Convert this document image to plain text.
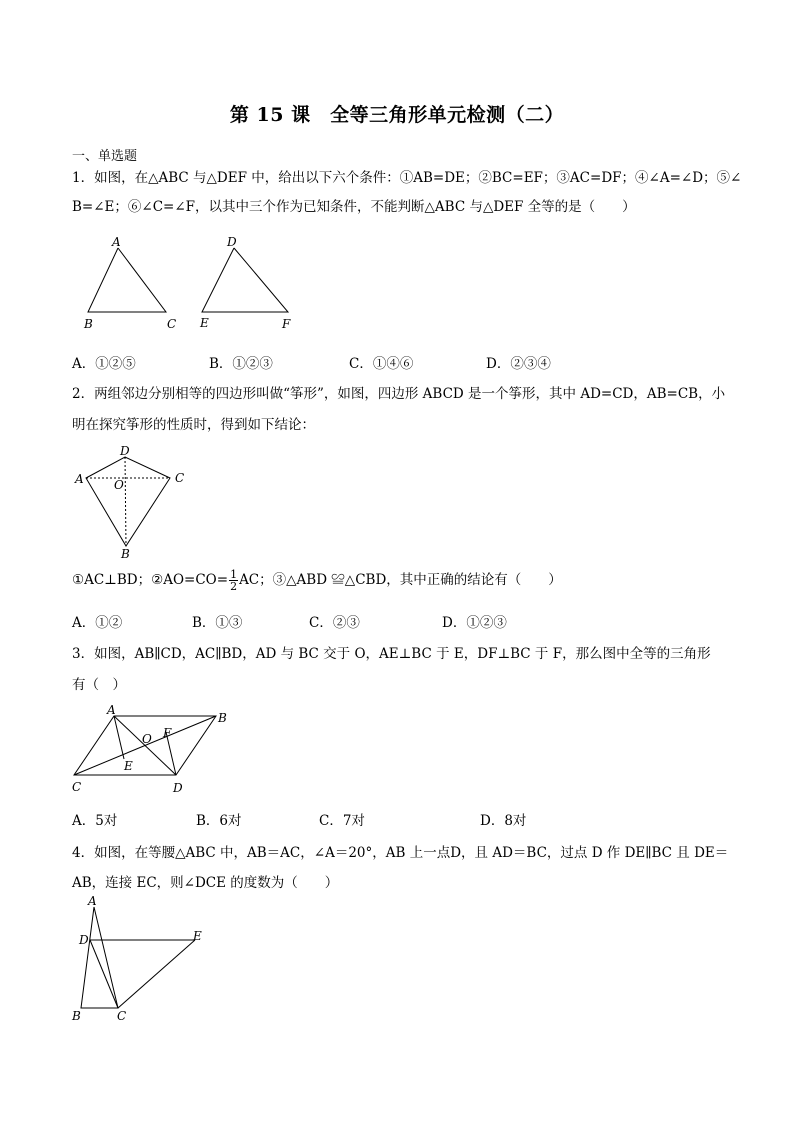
第 15 课　全等三角形单元检测（二）
一、单选题
1．如图，在△ABC 与△DEF 中，给出以下六个条件：①AB=DE；②BC=EF；③AC=DF；④∠A=∠D；⑤∠
B=∠E；⑥∠C=∠F，以其中三个作为已知条件，不能判断△ABC 与△DEF 全等的是（　　）
A
B	C
D
E	F
A．①②⑤	B．①②③	C．①④⑥	D．②③④
2．两组邻边分别相等的四边形叫做“筝形”，如图，四边形 ABCD 是一个筝形，其中 AD=CD，AB=CB，小
明在探究筝形的性质时，得到如下结论：
D
A	O	C
B
①AC⊥BD；②AO=CO= $\frac{1}{2}$ AC；③△ABD ≌△CBD，其中正确的结论有（　　）
A．①②	B．①③	C．②③	D．①②③
3．如图，AB∥CD，AC∥BD，AD 与 BC 交于 O，AE⊥BC 于 E，DF⊥BC 于 F，那么图中全等的三角形
有（　）
A
B
O F
E
C	D
A．5对	B．6对	C．7对	D．8对
4．如图，在等腰△ABC 中，AB＝AC，∠A＝20°，AB 上一点D，且 AD＝BC，过点 D 作 DE∥BC 且 DE＝
AB，连接 EC，则∠DCE 的度数为（　　）
A
D	E
B	C
